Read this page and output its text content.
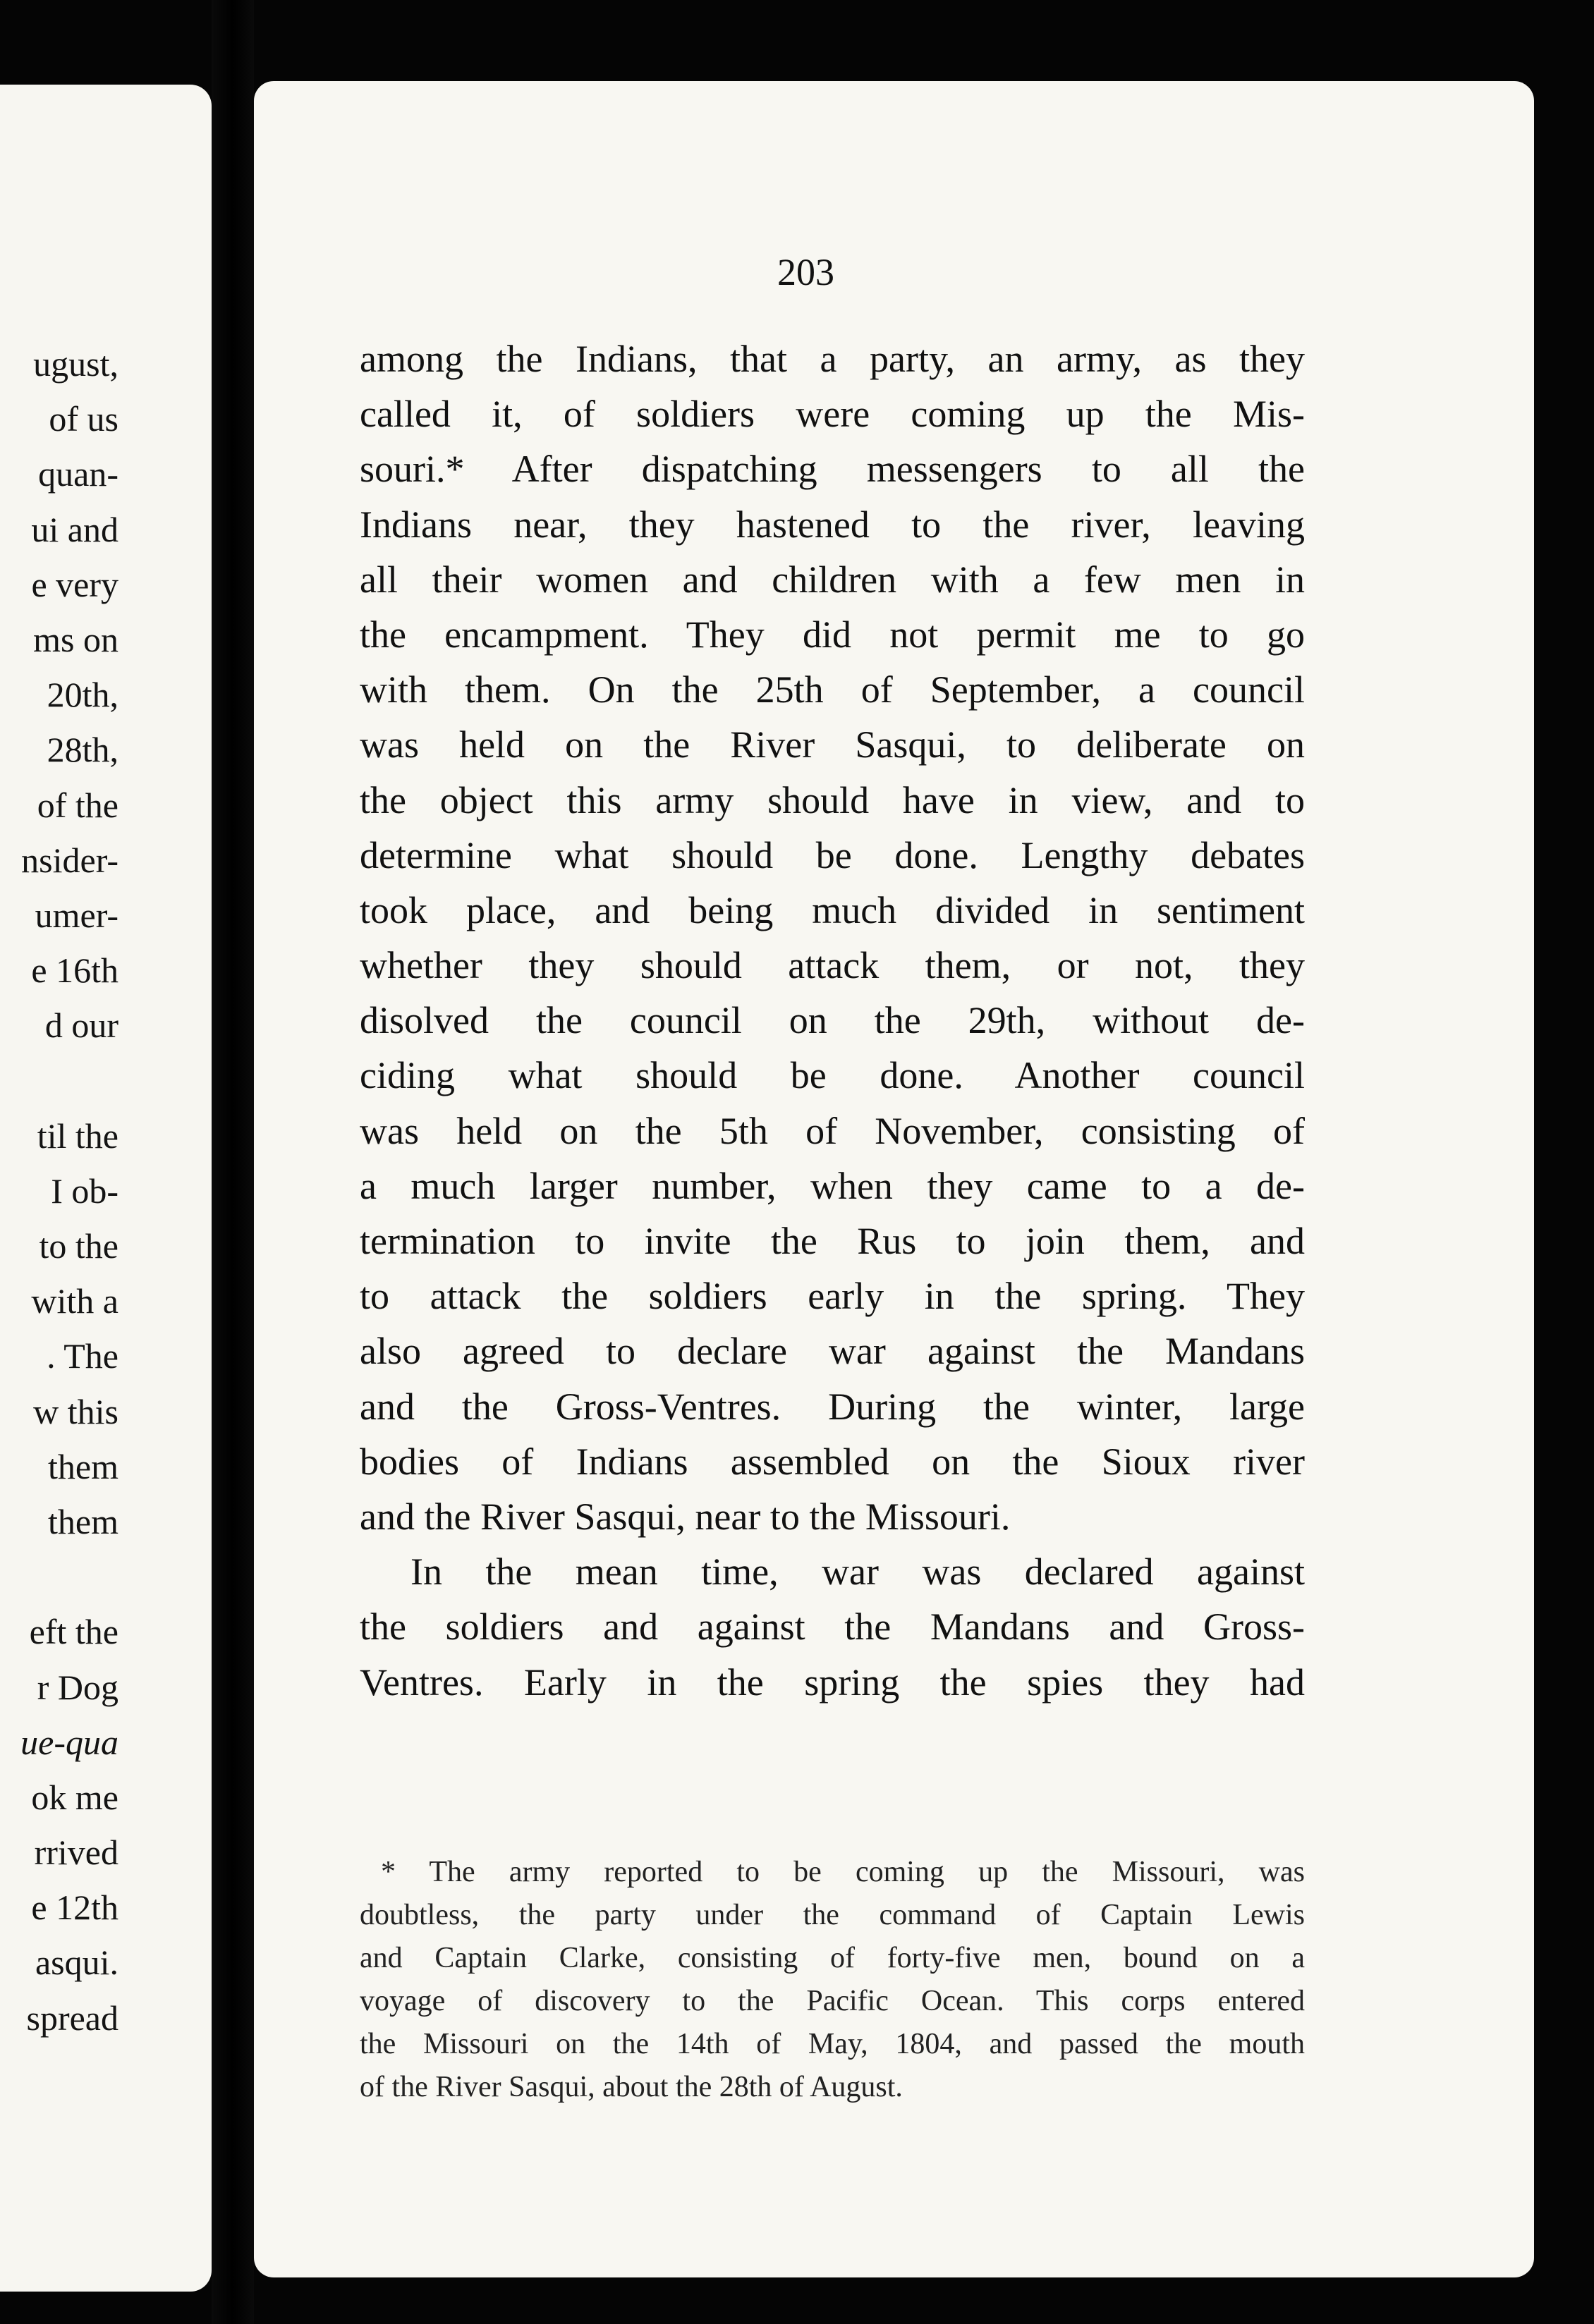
ugust,
of us
quan-
ui and
e very
ms on
20th,
28th,
of the
nsider-
umer-
e 16th
d our
til the
I ob-
to the
with a
. The
w this
them
them
eft the
r Dog
ue-qua
ok me
rrived
e 12th
asqui.
spread

203

among the Indians, that a party, an army, as they
called it, of soldiers were coming up the Mis-
souri.* After dispatching messengers to all the
Indians near, they hastened to the river, leaving
all their women and children with a few men in
the encampment. They did not permit me to go
with them. On the 25th of September, a council
was held on the River Sasqui, to deliberate on
the object this army should have in view, and to
determine what should be done. Lengthy debates
took place, and being much divided in sentiment
whether they should attack them, or not, they
disolved the council on the 29th, without de-
ciding what should be done. Another council
was held on the 5th of November, consisting of
a much larger number, when they came to a de-
termination to invite the Rus to join them, and
to attack the soldiers early in the spring. They
also agreed to declare war against the Mandans
and the Gross-Ventres. During the winter, large
bodies of Indians assembled on the Sioux river
and the River Sasqui, near to the Missouri.
In the mean time, war was declared against
the soldiers and against the Mandans and Gross-
Ventres. Early in the spring the spies they had
* The army reported to be coming up the Missouri, was
doubtless, the party under the command of Captain Lewis
and Captain Clarke, consisting of forty-five men, bound on a
voyage of discovery to the Pacific Ocean. This corps entered
the Missouri on the 14th of May, 1804, and passed the mouth
of the River Sasqui, about the 28th of August.
